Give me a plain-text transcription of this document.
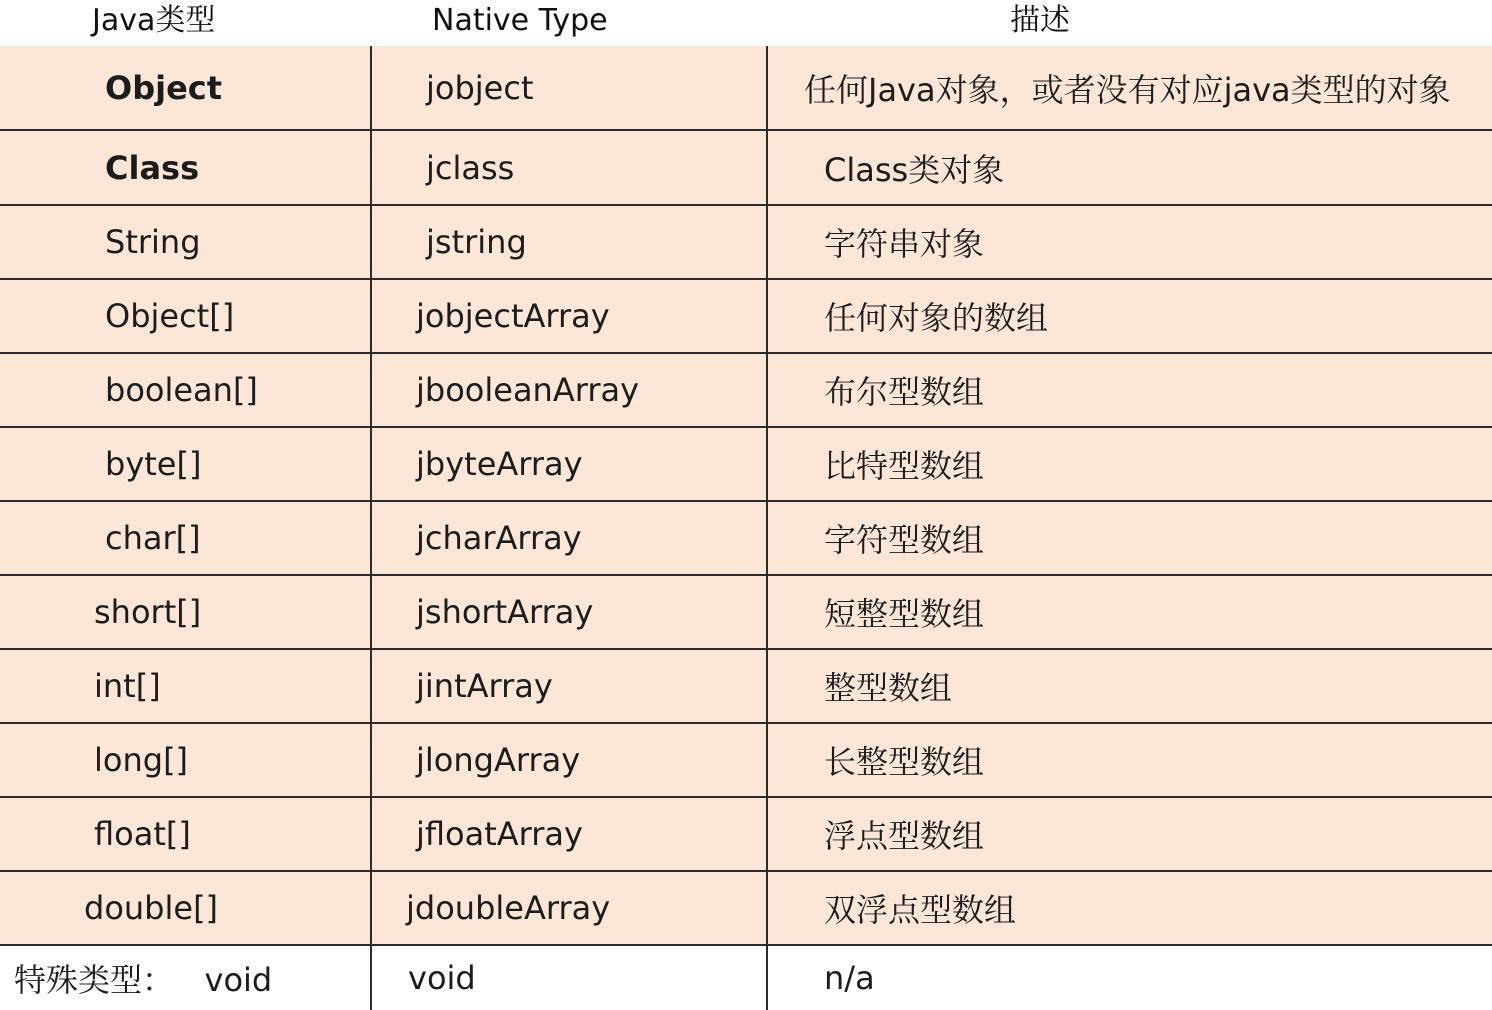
Java类型	Native Type	描述
Object	jobject	任何Java对象，或者没有对应java类型的对象
Class	jclass	Class类对象
String	jstring	字符串对象
Object[]	jobjectArray	任何对象的数组
boolean[]	jbooleanArray	布尔型数组
byte[]	jbyteArray	比特型数组
char[]	jcharArray	字符型数组
short[]	jshortArray	短整型数组
int[]	jintArray	整型数组
long[]	jlongArray	长整型数组
float[]	jfloatArray	浮点型数组
double[]	jdoubleArray	双浮点型数组
特殊类型：   void	void	n/a
